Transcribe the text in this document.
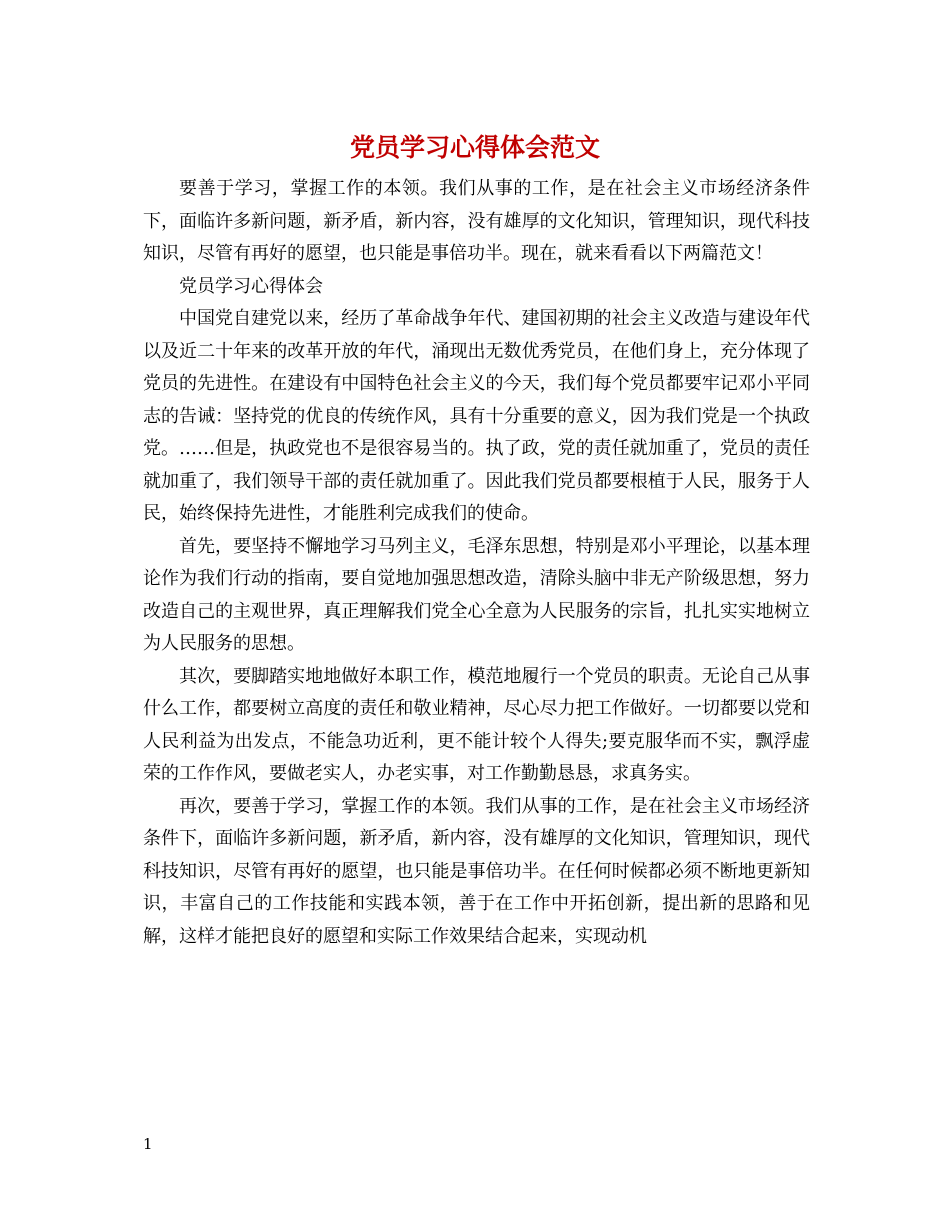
党员学习心得体会范文

要善于学习，掌握工作的本领。我们从事的工作，是在社会主义市场经济条件下，面临许多新问题，新矛盾，新内容，没有雄厚的文化知识，管理知识，现代科技知识，尽管有再好的愿望，也只能是事倍功半。现在，就来看看以下两篇范文！

党员学习心得体会

中国党自建党以来，经历了革命战争年代、建国初期的社会主义改造与建设年代以及近二十年来的改革开放的年代，涌现出无数优秀党员，在他们身上，充分体现了党员的先进性。在建设有中国特色社会主义的今天，我们每个党员都要牢记邓小平同志的告诫：坚持党的优良的传统作风，具有十分重要的意义，因为我们党是一个执政党。……但是，执政党也不是很容易当的。执了政，党的责任就加重了，党员的责任就加重了，我们领导干部的责任就加重了。因此我们党员都要根植于人民，服务于人民，始终保持先进性，才能胜利完成我们的使命。

首先，要坚持不懈地学习马列主义，毛泽东思想，特别是邓小平理论，以基本理论作为我们行动的指南，要自觉地加强思想改造，清除头脑中非无产阶级思想，努力改造自己的主观世界，真正理解我们党全心全意为人民服务的宗旨，扎扎实实地树立为人民服务的思想。

其次，要脚踏实地地做好本职工作，模范地履行一个党员的职责。无论自己从事什么工作，都要树立高度的责任和敬业精神，尽心尽力把工作做好。一切都要以党和人民利益为出发点，不能急功近利，更不能计较个人得失;要克服华而不实，飘浮虚荣的工作作风，要做老实人，办老实事，对工作勤勤恳恳，求真务实。

再次，要善于学习，掌握工作的本领。我们从事的工作，是在社会主义市场经济条件下，面临许多新问题，新矛盾，新内容，没有雄厚的文化知识，管理知识，现代科技知识，尽管有再好的愿望，也只能是事倍功半。在任何时候都必须不断地更新知识，丰富自己的工作技能和实践本领，善于在工作中开拓创新，提出新的思路和见解，这样才能把良好的愿望和实际工作效果结合起来，实现动机

1
